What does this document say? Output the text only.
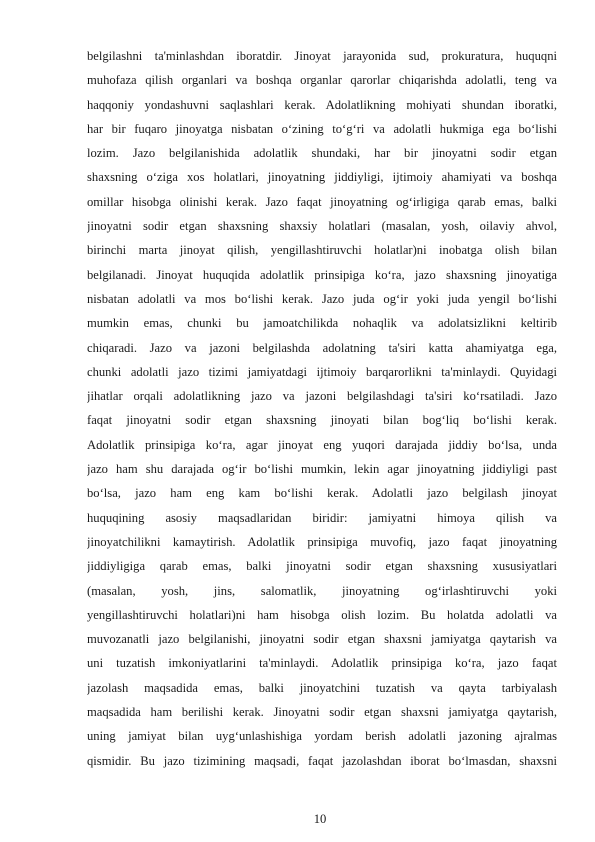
belgilashni ta'minlashdan iboratdir. Jinoyat jarayonida sud, prokuratura, huquqni
muhofaza qilish organlari va boshqa organlar qarorlar chiqarishda adolatli, teng va
haqqoniy yondashuvni saqlashlari kerak. Adolatlikning mohiyati shundan iboratki,
har bir fuqaro jinoyatga nisbatan o‘zining to‘g‘ri va adolatli hukmiga ega bo‘lishi
lozim. Jazo belgilanishida adolatlik shundaki, har bir jinoyatni sodir etgan
shaxsning o‘ziga xos holatlari, jinoyatning jiddiyligi, ijtimoiy ahamiyati va boshqa
omillar hisobga olinishi kerak. Jazo faqat jinoyatning og‘irligiga qarab emas, balki
jinoyatni sodir etgan shaxsning shaxsiy holatlari (masalan, yosh, oilaviy ahvol,
birinchi marta jinoyat qilish, yengillashtiruvchi holatlar)ni inobatga olish bilan
belgilanadi. Jinoyat huquqida adolatlik prinsipiga ko‘ra, jazo shaxsning jinoyatiga
nisbatan adolatli va mos bo‘lishi kerak. Jazo juda og‘ir yoki juda yengil bo‘lishi
mumkin emas, chunki bu jamoatchilikda nohaqlik va adolatsizlikni keltirib
chiqaradi. Jazo va jazoni belgilashda adolatning ta'siri katta ahamiyatga ega,
chunki adolatli jazo tizimi jamiyatdagi ijtimoiy barqarorlikni ta'minlaydi. Quyidagi
jihatlar orqali adolatlikning jazo va jazoni belgilashdagi ta'siri ko‘rsatiladi. Jazo
faqat jinoyatni sodir etgan shaxsning jinoyati bilan bog‘liq bo‘lishi kerak.
Adolatlik prinsipiga ko‘ra, agar jinoyat eng yuqori darajada jiddiy bo‘lsa, unda
jazo ham shu darajada og‘ir bo‘lishi mumkin, lekin agar jinoyatning jiddiyligi past
bo‘lsa, jazo ham eng kam bo‘lishi kerak. Adolatli jazo belgilash jinoyat
huquqining asosiy maqsadlaridan biridir: jamiyatni himoya qilish va
jinoyatchilikni kamaytirish. Adolatlik prinsipiga muvofiq, jazo faqat jinoyatning
jiddiyligiga qarab emas, balki jinoyatni sodir etgan shaxsning xususiyatlari
(masalan, yosh, jins, salomatlik, jinoyatning og‘irlashtiruvchi yoki
yengillashtiruvchi holatlari)ni ham hisobga olish lozim. Bu holatda adolatli va
muvozanatli jazo belgilanishi, jinoyatni sodir etgan shaxsni jamiyatga qaytarish va
uni tuzatish imkoniyatlarini ta'minlaydi. Adolatlik prinsipiga ko‘ra, jazo faqat
jazolash maqsadida emas, balki jinoyatchini tuzatish va qayta tarbiyalash
maqsadida ham berilishi kerak. Jinoyatni sodir etgan shaxsni jamiyatga qaytarish,
uning jamiyat bilan uyg‘unlashishiga yordam berish adolatli jazoning ajralmas
qismidir. Bu jazo tizimining maqsadi, faqat jazolashdan iborat bo‘lmasdan, shaxsni
10
